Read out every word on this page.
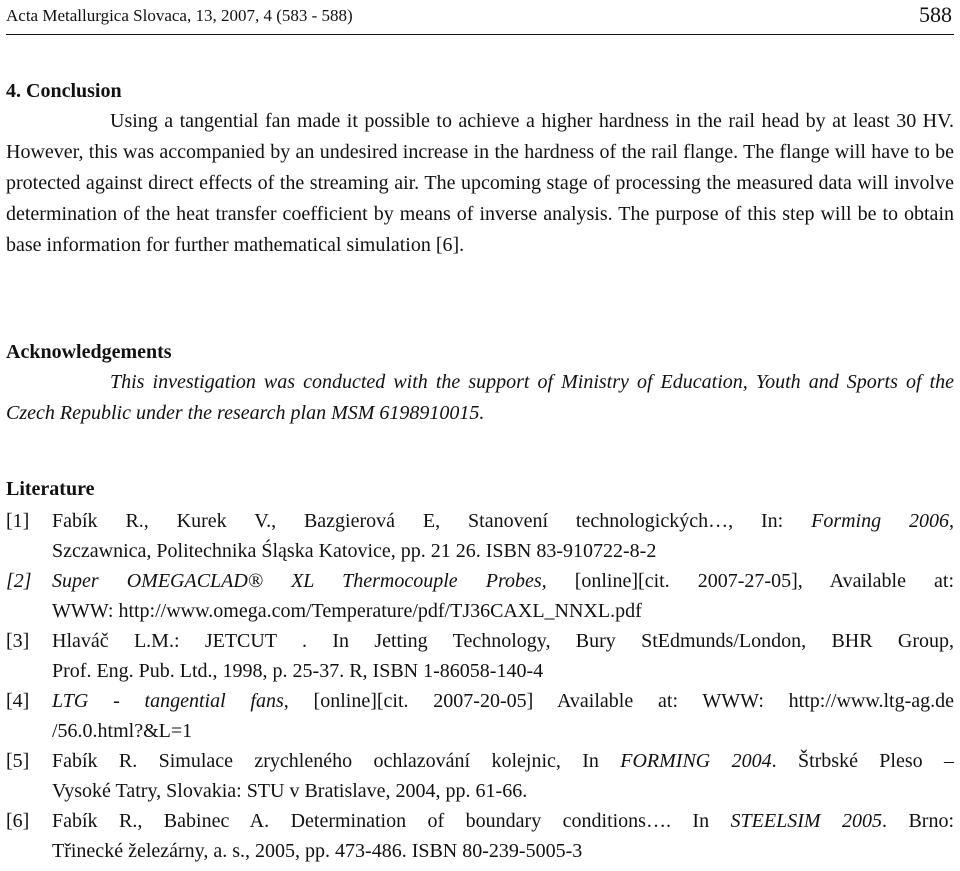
Acta Metallurgica Slovaca, 13, 2007, 4 (583 - 588)	588
4. Conclusion

Using a tangential fan made it possible to achieve a higher hardness in the rail head by at least 30 HV. However, this was accompanied by an undesired increase in the hardness of the rail flange. The flange will have to be protected against direct effects of the streaming air. The upcoming stage of processing the measured data will involve determination of the heat transfer coefficient by means of inverse analysis. The purpose of this step will be to obtain base information for further mathematical simulation [6].

Acknowledgements

This investigation was conducted with the support of Ministry of Education, Youth and Sports of the Czech Republic under the research plan MSM 6198910015.

Literature
[1] Fabík R., Kurek V., Bazgierová E, Stanovení technologických…, In: Forming 2006,
Szczawnica, Politechnika Śląska Katovice, pp. 21 26. ISBN 83-910722-8-2
[2] Super OMEGACLAD® XL Thermocouple Probes, [online][cit. 2007-27-05], Available at:
WWW: http://www.omega.com/Temperature/pdf/TJ36CAXL_NNXL.pdf
[3] Hlaváč L.M.: JETCUT . In Jetting Technology, Bury StEdmunds/London, BHR Group,
Prof. Eng. Pub. Ltd., 1998, p. 25-37. R, ISBN 1-86058-140-4
[4] LTG - tangential fans, [online][cit. 2007-20-05] Available at: WWW: http://www.ltg-ag.de
/56.0.html?&L=1
[5] Fabík R. Simulace zrychleného ochlazování kolejnic, In FORMING 2004. Štrbské Pleso –
Vysoké Tatry, Slovakia: STU v Bratislave, 2004, pp. 61-66.
[6] Fabík R., Babinec A. Determination of boundary conditions…. In STEELSIM 2005. Brno:
Třinecké železárny, a. s., 2005, pp. 473-486. ISBN 80-239-5005-3
